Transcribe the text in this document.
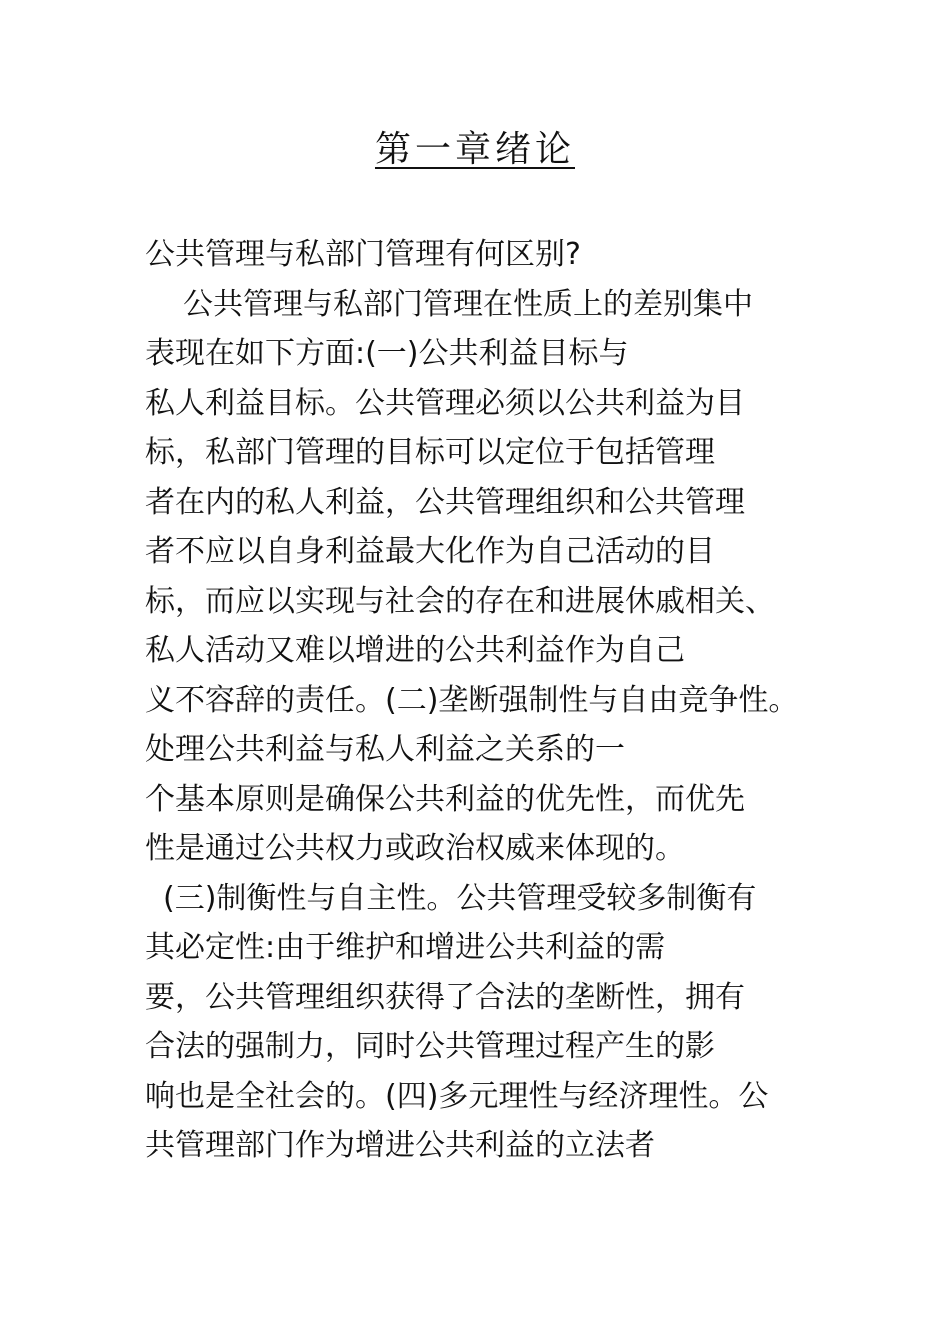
第一章绪论
公共管理与私部门管理有何区别?
公共管理与私部门管理在性质上的差别集中
表现在如下方面:(一)公共利益目标与
私人利益目标。公共管理必须以公共利益为目
标，私部门管理的目标可以定位于包括管理
者在内的私人利益，公共管理组织和公共管理
者不应以自身利益最大化作为自己活动的目
标，而应以实现与社会的存在和进展休戚相关、
私人活动又难以增进的公共利益作为自己
义不容辞的责任。(二)垄断强制性与自由竞争性。
处理公共利益与私人利益之关系的一
个基本原则是确保公共利益的优先性，而优先
性是通过公共权力或政治权威来体现的。
(三)制衡性与自主性。公共管理受较多制衡有
其必定性:由于维护和增进公共利益的需
要，公共管理组织获得了合法的垄断性，拥有
合法的强制力，同时公共管理过程产生的影
响也是全社会的。(四)多元理性与经济理性。公
共管理部门作为增进公共利益的立法者
